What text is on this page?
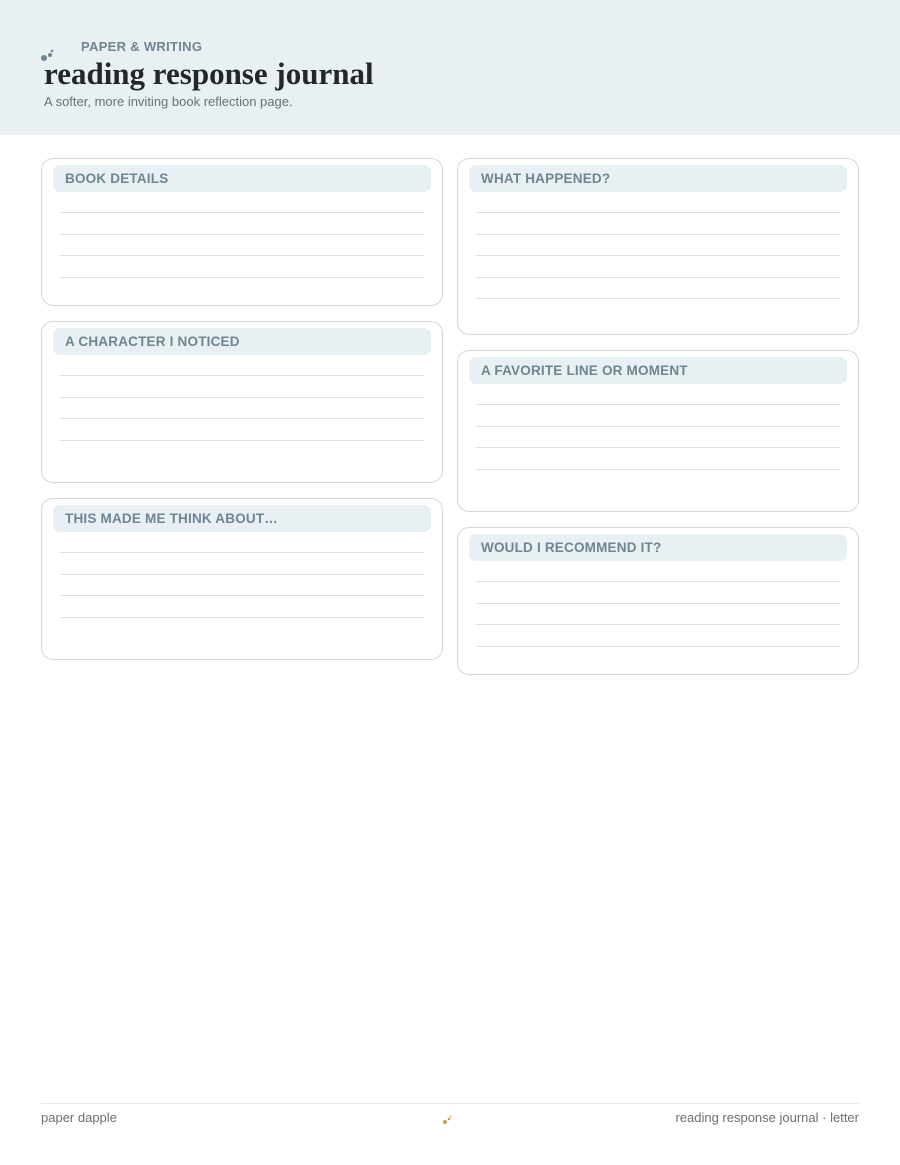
PAPER & WRITING
reading response journal
A softer, more inviting book reflection page.
BOOK DETAILS
A CHARACTER I NOTICED
THIS MADE ME THINK ABOUT…
WHAT HAPPENED?
A FAVORITE LINE OR MOMENT
WOULD I RECOMMEND IT?
paper dapple	reading response journal · letter
